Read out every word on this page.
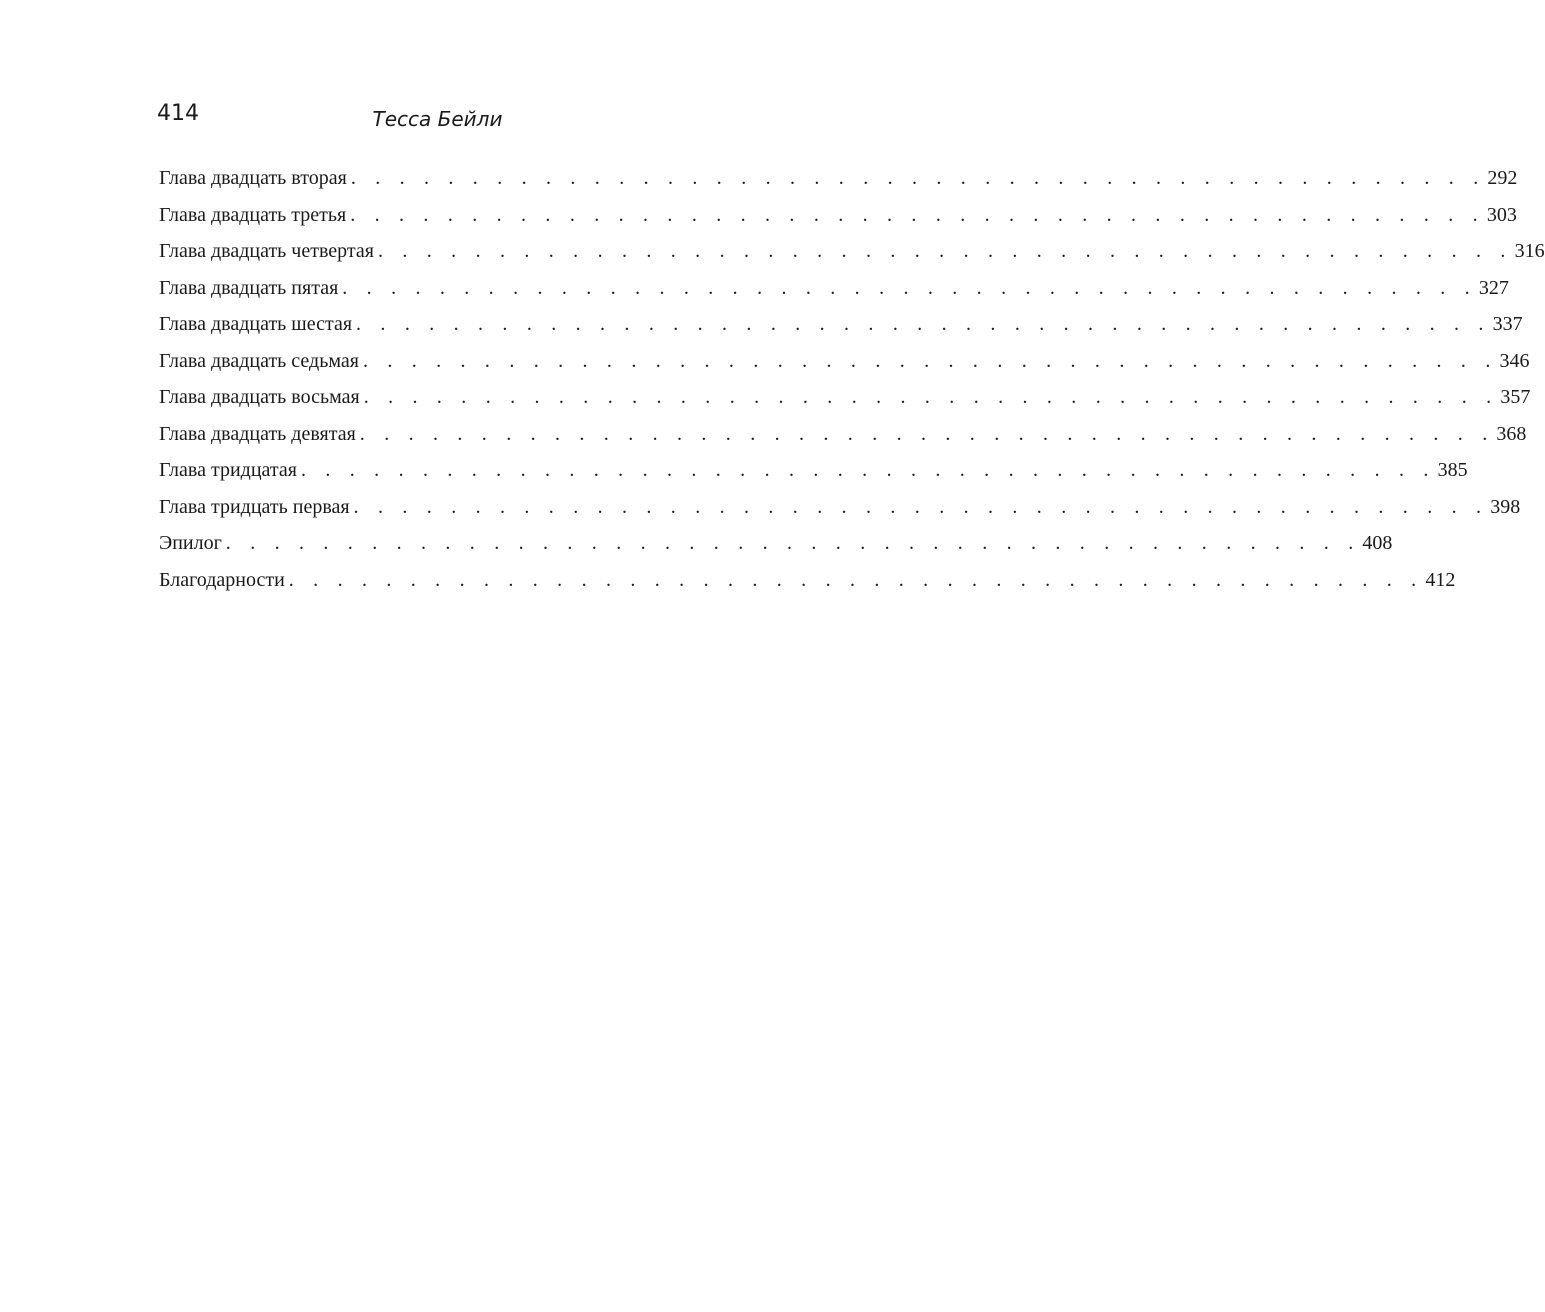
414	Тесса Бейли
Глава двадцать вторая . . . . . . . . . . . . . . . . . . . . . . . . . . . . . . . . . . . . . . . . . . . . . . . 292
Глава двадцать третья . . . . . . . . . . . . . . . . . . . . . . . . . . . . . . . . . . . . . . . . . . . . . . . 303
Глава двадцать четвертая . . . . . . . . . . . . . . . . . . . . . . . . . . . . . . . . . . . . . . . . . . . . . . . 316
Глава двадцать пятая . . . . . . . . . . . . . . . . . . . . . . . . . . . . . . . . . . . . . . . . . . . . . . . 327
Глава двадцать шестая . . . . . . . . . . . . . . . . . . . . . . . . . . . . . . . . . . . . . . . . . . . . . . . 337
Глава двадцать седьмая . . . . . . . . . . . . . . . . . . . . . . . . . . . . . . . . . . . . . . . . . . . . . . . 346
Глава двадцать восьмая . . . . . . . . . . . . . . . . . . . . . . . . . . . . . . . . . . . . . . . . . . . . . . . 357
Глава двадцать девятая . . . . . . . . . . . . . . . . . . . . . . . . . . . . . . . . . . . . . . . . . . . . . . . 368
Глава тридцатая . . . . . . . . . . . . . . . . . . . . . . . . . . . . . . . . . . . . . . . . . . . . . . . 385
Глава тридцать первая . . . . . . . . . . . . . . . . . . . . . . . . . . . . . . . . . . . . . . . . . . . . . . . 398
Эпилог . . . . . . . . . . . . . . . . . . . . . . . . . . . . . . . . . . . . . . . . . . . . . . . 408
Благодарности . . . . . . . . . . . . . . . . . . . . . . . . . . . . . . . . . . . . . . . . . . . . . . . 412
